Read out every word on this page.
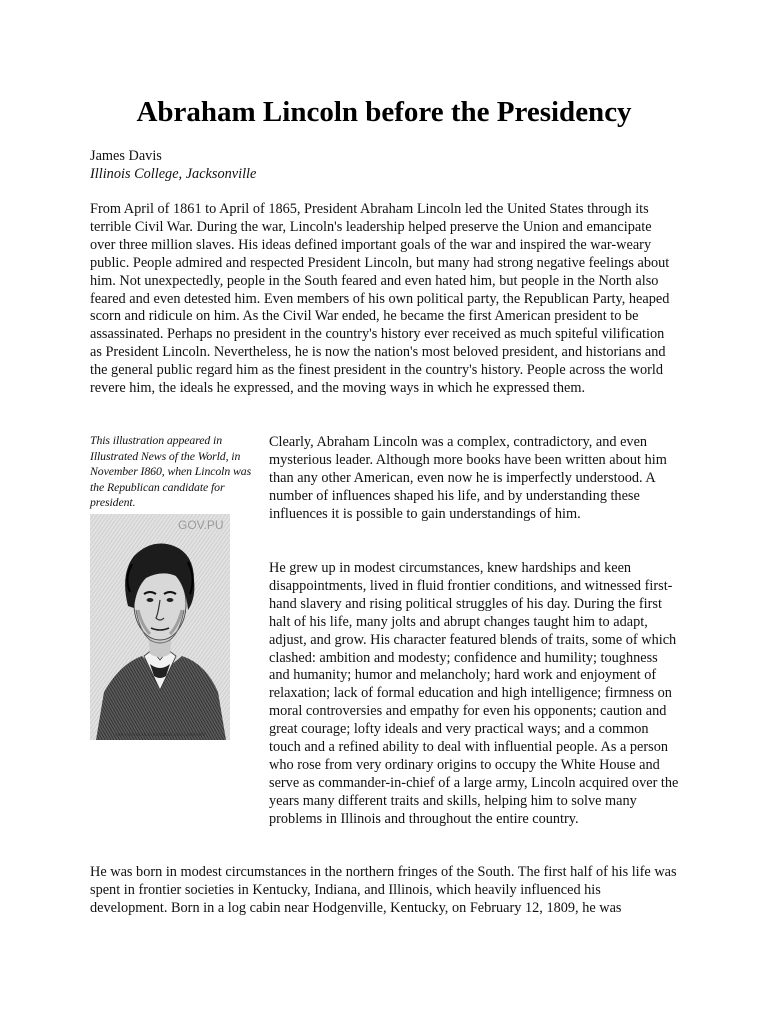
Abraham Lincoln before the Presidency
James Davis
Illinois College, Jacksonville

From April of 1861 to April of 1865, President Abraham Lincoln led the United States through its terrible Civil War. During the war, Lincoln's leadership helped preserve the Union and emancipate over three million slaves. His ideas defined important goals of the war and inspired the war-weary public. People admired and respected President Lincoln, but many had strong negative feelings about him. Not unexpectedly, people in the South feared and even hated him, but people in the North also feared and even detested him. Even members of his own political party, the Republican Party, heaped scorn and ridicule on him. As the Civil War ended, he became the first American president to be assassinated. Perhaps no president in the country's history ever received as much spiteful vilification as President Lincoln. Nevertheless, he is now the nation's most beloved president, and historians and the general public regard him as the finest president in the country's history. People across the world revere him, the ideals he expressed, and the moving ways in which he expressed them.

This illustration appeared in Illustrated News of the World, in November I860, when Lincoln was the Republican candidate for president.

GOV.PU
ABRAM LINCOLN, REPUBLICAN CANDIDATE

Clearly, Abraham Lincoln was a complex, contradictory, and even mysterious leader. Although more books have been written about him than any other American, even now he is imperfectly understood. A number of influences shaped his life, and by understanding these influences it is possible to gain understandings of him.

He grew up in modest circumstances, knew hardships and keen disappointments, lived in fluid frontier conditions, and witnessed first-hand slavery and rising political struggles of his day. During the first halt of his life, many jolts and abrupt changes taught him to adapt, adjust, and grow. His character featured blends of traits, some of which clashed: ambition and modesty; confidence and humility; toughness and humanity; humor and melancholy; hard work and enjoyment of relaxation; lack of formal education and high intelligence; firmness on moral controversies and empathy for even his opponents; caution and great courage; lofty ideals and very practical ways; and a common touch and a refined ability to deal with influential people. As a person who rose from very ordinary origins to occupy the White House and serve as commander-in-chief of a large army, Lincoln acquired over the years many different traits and skills, helping him to solve many problems in Illinois and throughout the entire country.

He was born in modest circumstances in the northern fringes of the South. The first half of his life was spent in frontier societies in Kentucky, Indiana, and Illinois, which heavily influenced his development. Born in a log cabin near Hodgenville, Kentucky, on February 12, 1809, he was
